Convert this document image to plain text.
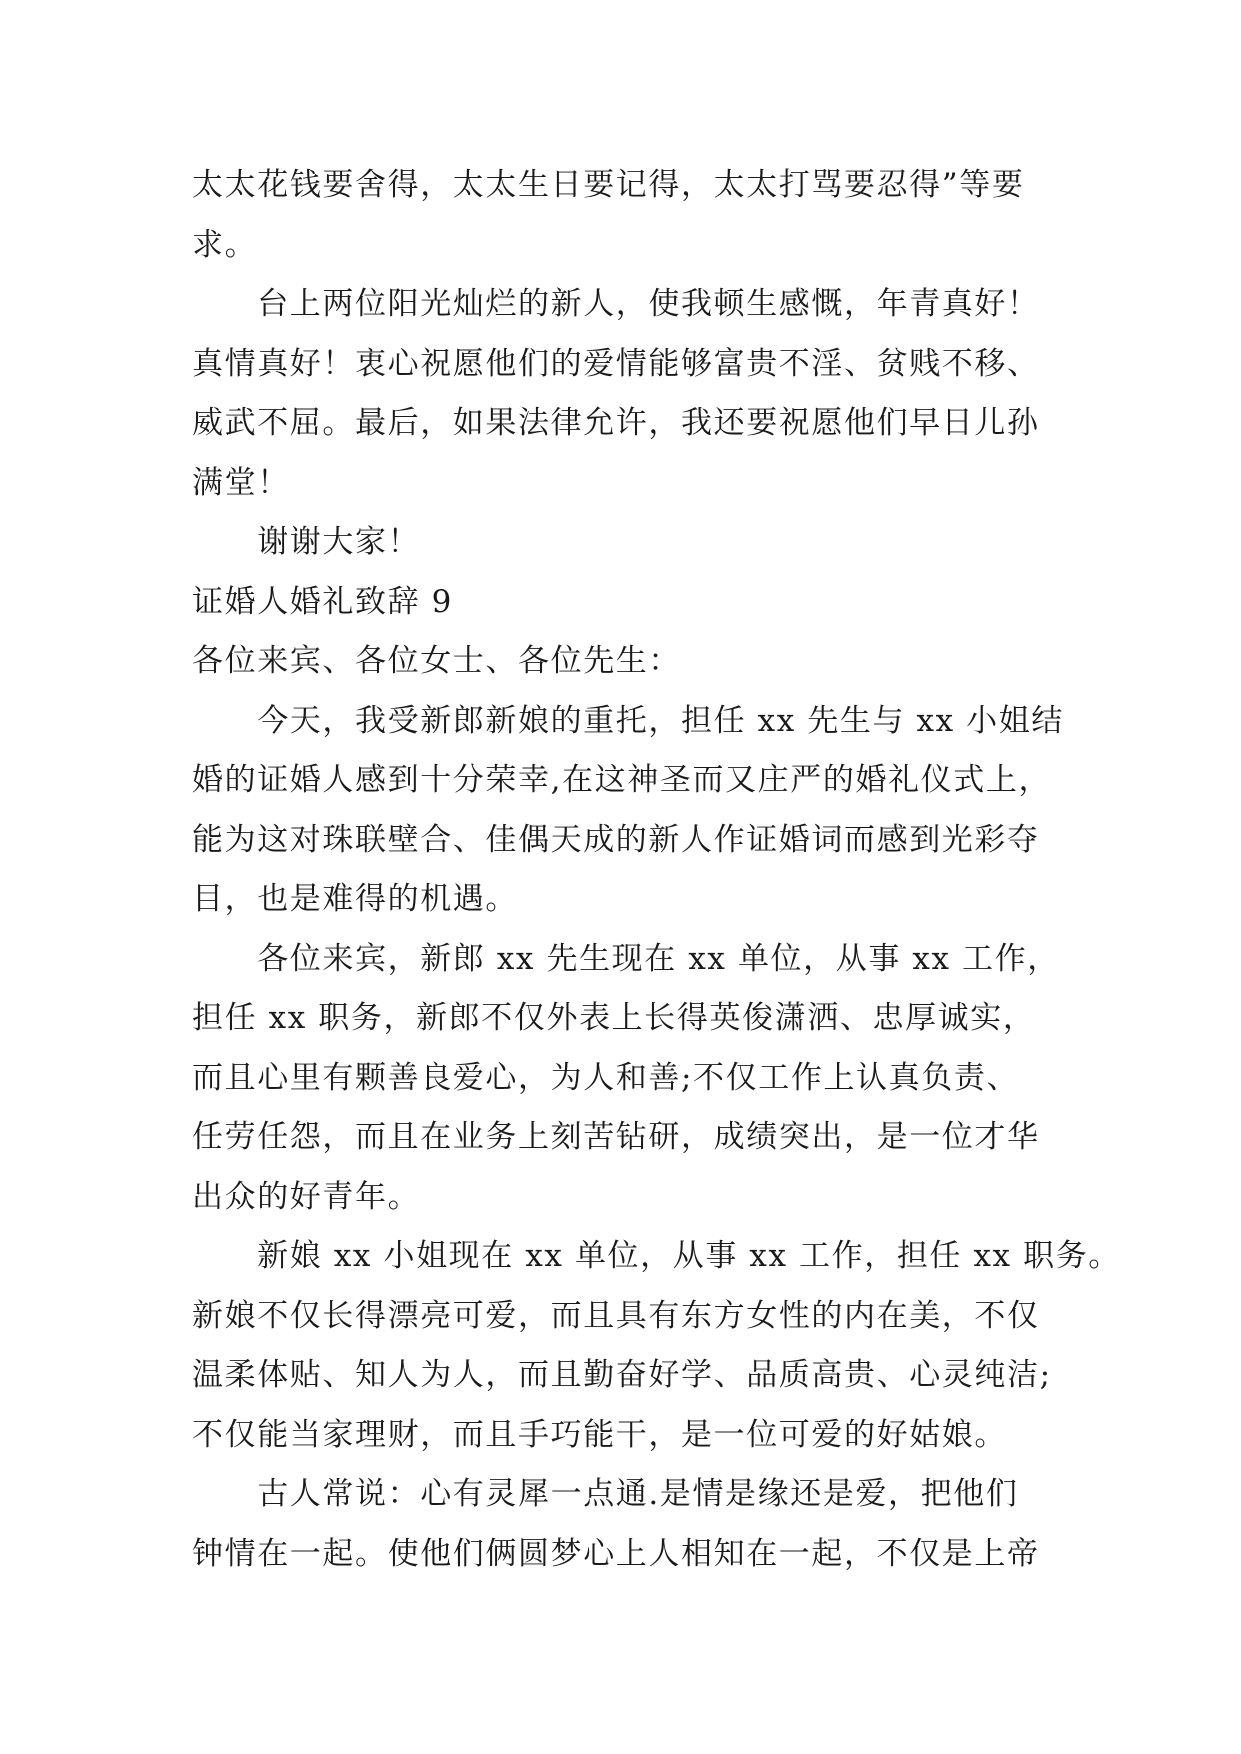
太太花钱要舍得，太太生日要记得，太太打骂要忍得”等要
求。
　　台上两位阳光灿烂的新人，使我顿生感慨，年青真好！
真情真好！衷心祝愿他们的爱情能够富贵不淫、贫贱不移、
威武不屈。最后，如果法律允许，我还要祝愿他们早日儿孙
满堂！
　　谢谢大家！
证婚人婚礼致辞 9
各位来宾、各位女士、各位先生：
　　今天，我受新郎新娘的重托，担任 xx 先生与 xx 小姐结
婚的证婚人感到十分荣幸,在这神圣而又庄严的婚礼仪式上，
能为这对珠联壁合、佳偶天成的新人作证婚词而感到光彩夺
目，也是难得的机遇。
　　各位来宾，新郎 xx 先生现在 xx 单位，从事 xx 工作，
担任 xx 职务，新郎不仅外表上长得英俊潇洒、忠厚诚实，
而且心里有颗善良爱心，为人和善;不仅工作上认真负责、
任劳任怨，而且在业务上刻苦钻研，成绩突出，是一位才华
出众的好青年。
　　新娘 xx 小姐现在 xx 单位，从事 xx 工作，担任 xx 职务。
新娘不仅长得漂亮可爱，而且具有东方女性的内在美，不仅
温柔体贴、知人为人，而且勤奋好学、品质高贵、心灵纯洁;
不仅能当家理财，而且手巧能干，是一位可爱的好姑娘。
　　古人常说：心有灵犀一点通.是情是缘还是爱，把他们
钟情在一起。使他们俩圆梦心上人相知在一起，不仅是上帝
